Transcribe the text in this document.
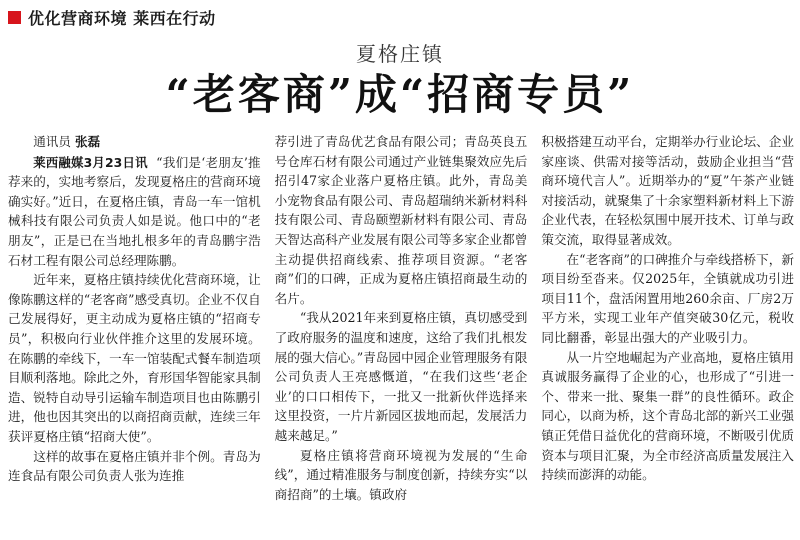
优化营商环境 莱西在行动
夏格庄镇
“老客商”成“招商专员”
通讯员 张磊

莱西融媒3月23日讯 “我们是‘老朋友’推荐来的，实地考察后，发现夏格庄的营商环境确实好。”近日，在夏格庄镇，青岛一车一馆机械科技有限公司负责人如是说。他口中的“老朋友”，正是已在当地扎根多年的青岛鹏宇浩石材工程有限公司总经理陈鹏。

近年来，夏格庄镇持续优化营商环境，让像陈鹏这样的“老客商”感受真切。企业不仅自己发展得好，更主动成为夏格庄镇的“招商专员”，积极向行业伙伴推介这里的发展环境。在陈鹏的牵线下，一车一馆装配式餐车制造项目顺利落地。除此之外，育形国华智能家具制造、锐特自动导引运输车制造项目也由陈鹏引进，他也因其突出的以商招商贡献，连续三年获评夏格庄镇“招商大使”。

这样的故事在夏格庄镇并非个例。青岛为连食品有限公司负责人张为连推

荐引进了青岛优艺食品有限公司；青岛英良五号仓库石材有限公司通过产业链集聚效应先后招引47家企业落户夏格庄镇。此外，青岛美小宠物食品有限公司、青岛超瑞纳米新材料科技有限公司、青岛颐塑新材料有限公司、青岛天智达高科产业发展有限公司等多家企业都曾主动提供招商线索、推荐项目资源。“老客商”们的口碑，正成为夏格庄镇招商最生动的名片。

“我从2021年来到夏格庄镇，真切感受到了政府服务的温度和速度，这给了我们扎根发展的强大信心。”青岛园中园企业管理服务有限公司负责人王亮感慨道，“在我们这些‘老企业’的口口相传下，一批又一批新伙伴选择来这里投资，一片片新园区拔地而起，发展活力越来越足。”

夏格庄镇将营商环境视为发展的“生命线”，通过精准服务与制度创新，持续夯实“以商招商”的土壤。镇政府

积极搭建互动平台，定期举办行业论坛、企业家座谈、供需对接等活动，鼓励企业担当“营商环境代言人”。近期举办的“夏”午茶产业链对接活动，就聚集了十余家塑料新材料上下游企业代表，在轻松氛围中展开技术、订单与政策交流，取得显著成效。

在“老客商”的口碑推介与牵线搭桥下，新项目纷至沓来。仅2025年，全镇就成功引进项目11个，盘活闲置用地260余亩、厂房2万平方米，实现工业年产值突破30亿元，税收同比翻番，彰显出强大的产业吸引力。

从一片空地崛起为产业高地，夏格庄镇用真诚服务赢得了企业的心，也形成了“引进一个、带来一批、聚集一群”的良性循环。政企同心，以商为桥，这个青岛北部的新兴工业强镇正凭借日益优化的营商环境，不断吸引优质资本与项目汇聚，为全市经济高质量发展注入持续而澎湃的动能。
